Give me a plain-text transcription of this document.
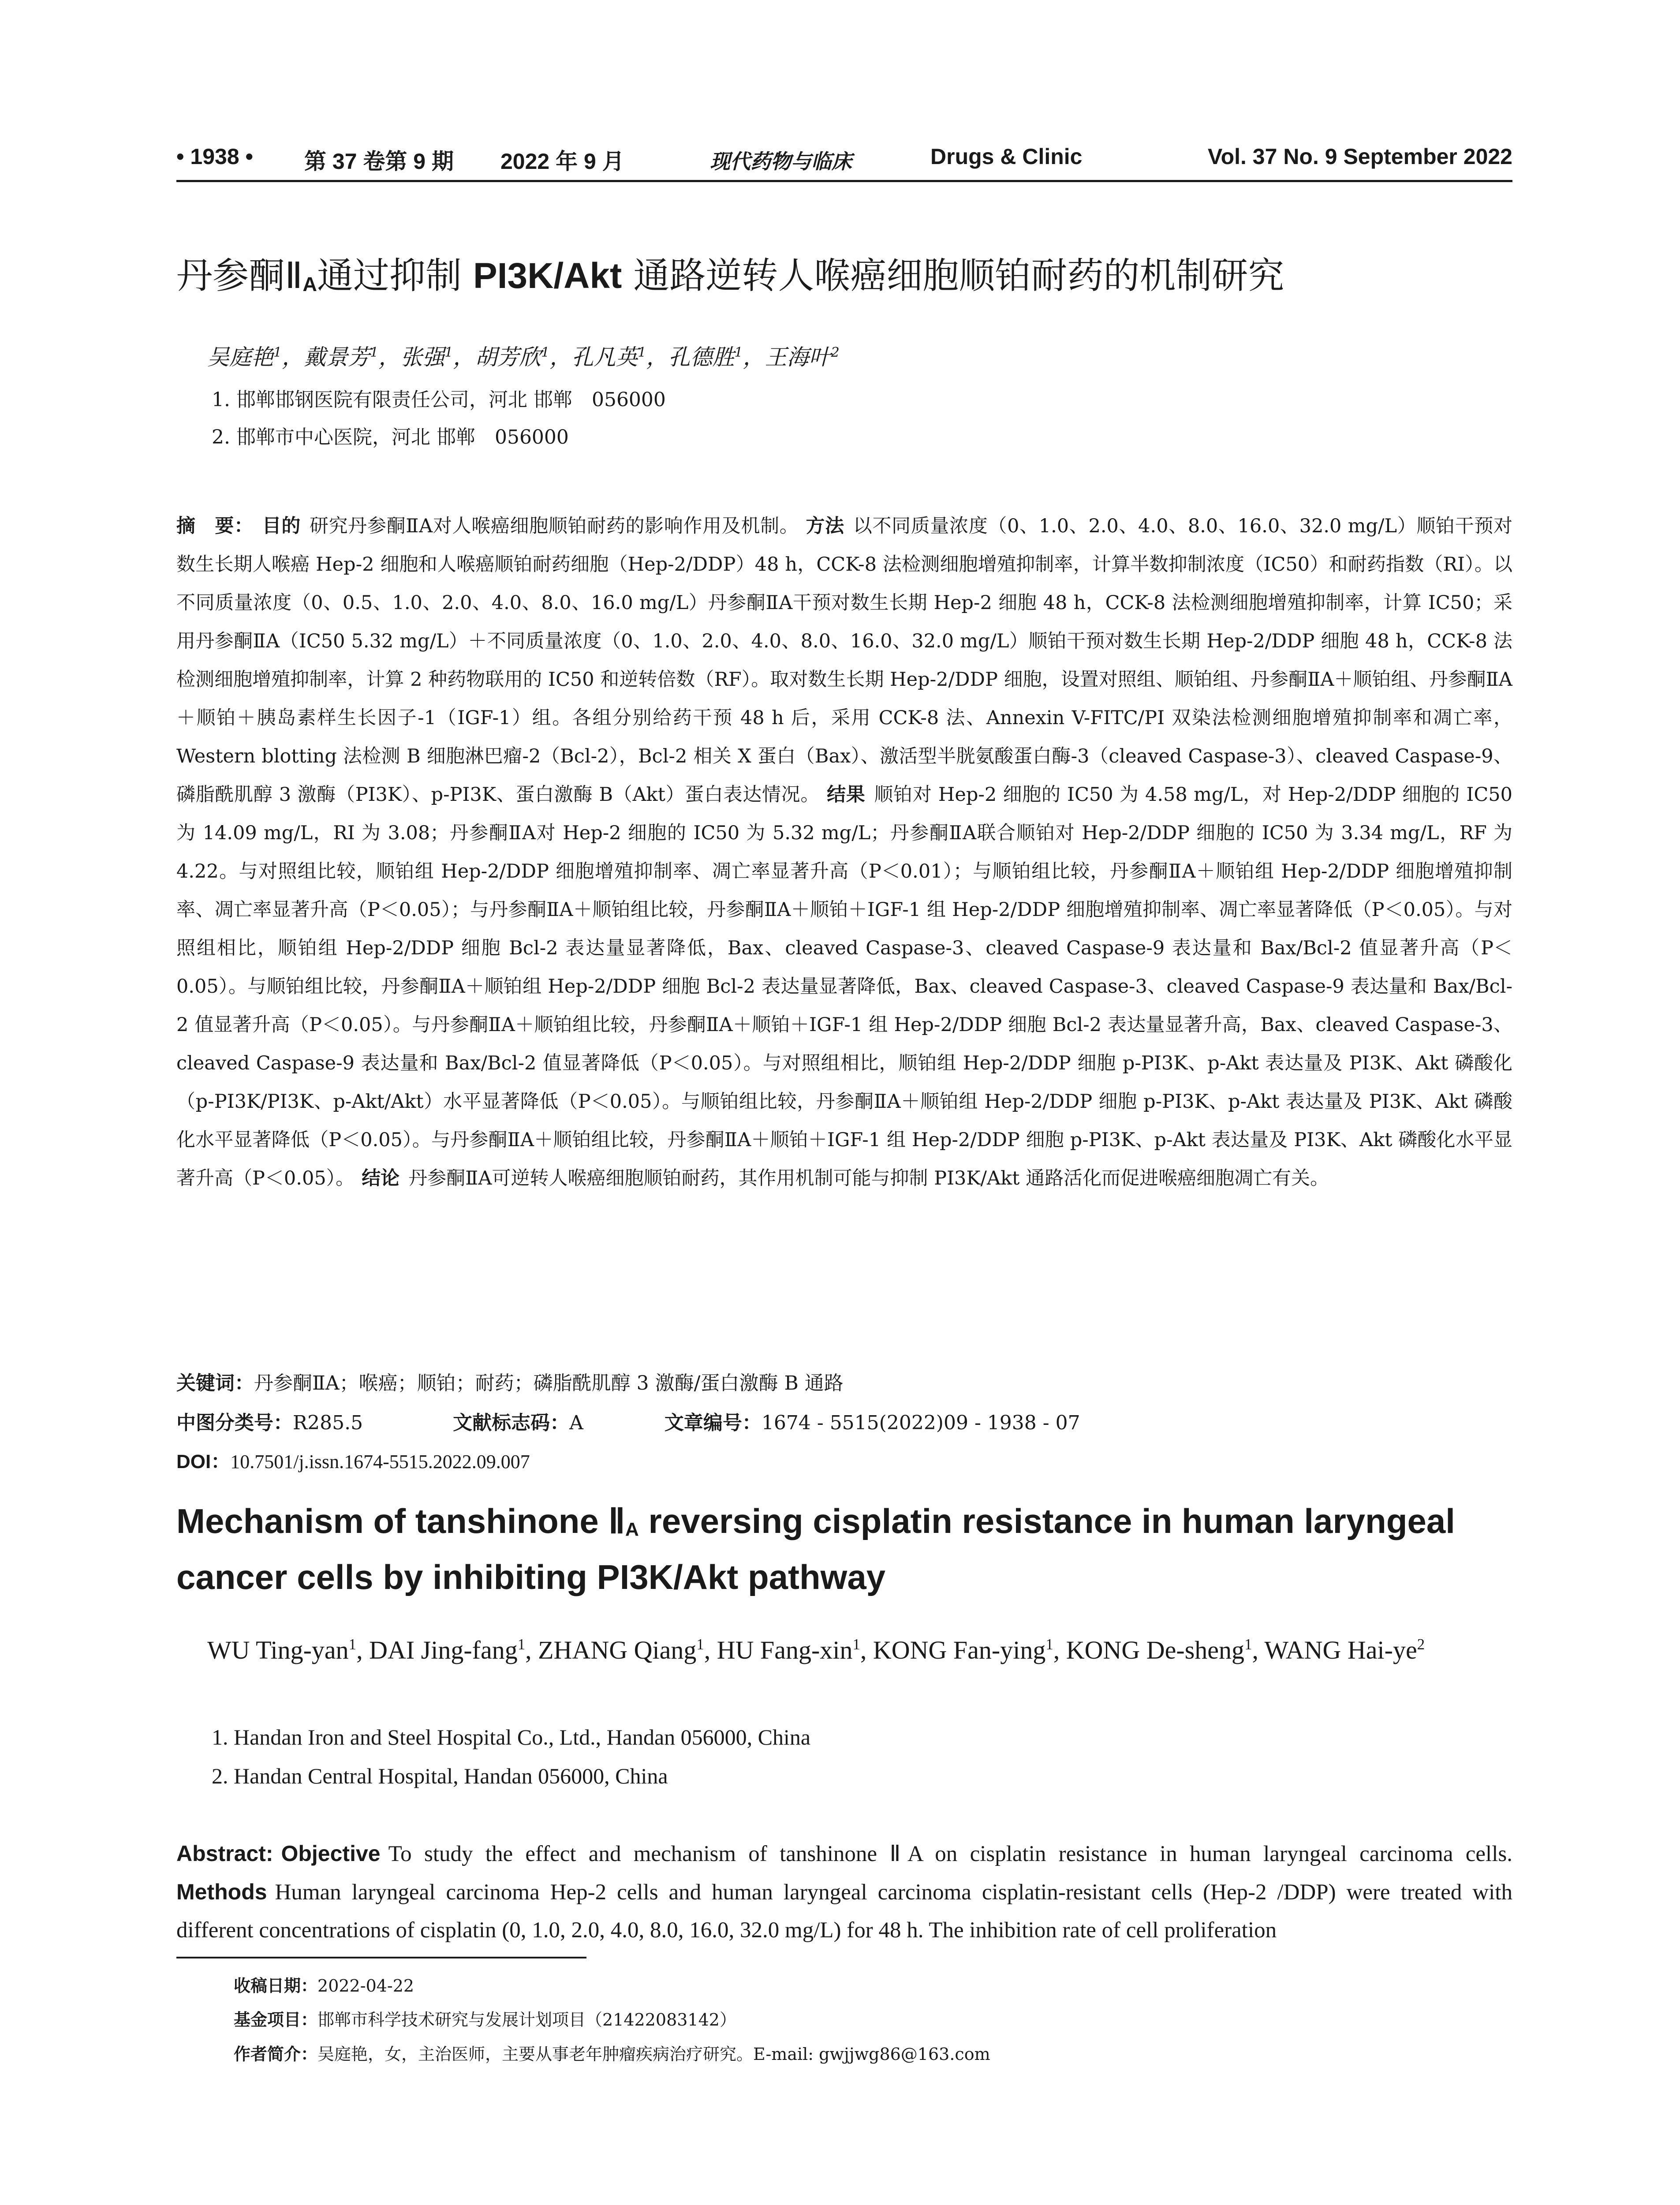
• 1938 • 第 37 卷第 9 期 2022 年 9 月	现代药物与临床	Drugs & Clinic	Vol. 37 No. 9 September 2022
丹参酮$Ⅱ_A$通过抑制 PI3K/Akt 通路逆转人喉癌细胞顺铂耐药的机制研究
吴庭艳$^1$，戴景芳$^1$，张强$^1$，胡芳欣$^1$，孔凡英$^1$，孔德胜$^1$，王海叶$^2$
1. 邯郸邯钢医院有限责任公司，河北 邯郸　056000
2. 邯郸市中心医院，河北 邯郸　056000
摘　要： 目的 研究丹参酮ⅡA对人喉癌细胞顺铂耐药的影响作用及机制。 方法 以不同质量浓度（0、1.0、2.0、4.0、8.0、16.0、32.0 mg/L）顺铂干预对数生长期人喉癌 Hep-2 细胞和人喉癌顺铂耐药细胞（Hep-2/DDP）48 h，CCK-8 法检测细胞增殖抑制率，计算半数抑制浓度（IC50）和耐药指数（RI）。以不同质量浓度（0、0.5、1.0、2.0、4.0、8.0、16.0 mg/L）丹参酮ⅡA干预对数生长期 Hep-2 细胞 48 h，CCK-8 法检测细胞增殖抑制率，计算 IC50；采用丹参酮ⅡA（IC50 5.32 mg/L）＋不同质量浓度（0、1.0、2.0、4.0、8.0、16.0、32.0 mg/L）顺铂干预对数生长期 Hep-2/DDP 细胞 48 h，CCK-8 法检测细胞增殖抑制率，计算 2 种药物联用的 IC50 和逆转倍数（RF）。取对数生长期 Hep-2/DDP 细胞，设置对照组、顺铂组、丹参酮ⅡA＋顺铂组、丹参酮ⅡA＋顺铂＋胰岛素样生长因子-1（IGF-1）组。各组分别给药干预 48 h 后，采用 CCK-8 法、Annexin V-FITC/PI 双染法检测细胞增殖抑制率和凋亡率，Western blotting 法检测 B 细胞淋巴瘤-2（Bcl-2），Bcl-2 相关 X 蛋白（Bax）、激活型半胱氨酸蛋白酶-3（cleaved Caspase-3）、cleaved Caspase-9、磷脂酰肌醇 3 激酶（PI3K）、p-PI3K、蛋白激酶 B（Akt）蛋白表达情况。 结果 顺铂对 Hep-2 细胞的 IC50 为 4.58 mg/L，对 Hep-2/DDP 细胞的 IC50 为 14.09 mg/L，RI 为 3.08；丹参酮ⅡA对 Hep-2 细胞的 IC50 为 5.32 mg/L；丹参酮ⅡA联合顺铂对 Hep-2/DDP 细胞的 IC50 为 3.34 mg/L，RF 为 4.22。与对照组比较，顺铂组 Hep-2/DDP 细胞增殖抑制率、凋亡率显著升高（P＜0.01）；与顺铂组比较，丹参酮ⅡA＋顺铂组 Hep-2/DDP 细胞增殖抑制率、凋亡率显著升高（P＜0.05）；与丹参酮ⅡA＋顺铂组比较，丹参酮ⅡA＋顺铂＋IGF-1 组 Hep-2/DDP 细胞增殖抑制率、凋亡率显著降低（P＜0.05）。与对照组相比，顺铂组 Hep-2/DDP 细胞 Bcl-2 表达量显著降低，Bax、cleaved Caspase-3、cleaved Caspase-9 表达量和 Bax/Bcl-2 值显著升高（P＜0.05）。与顺铂组比较，丹参酮ⅡA＋顺铂组 Hep-2/DDP 细胞 Bcl-2 表达量显著降低，Bax、cleaved Caspase-3、cleaved Caspase-9 表达量和 Bax/Bcl-2 值显著升高（P＜0.05）。与丹参酮ⅡA＋顺铂组比较，丹参酮ⅡA＋顺铂＋IGF-1 组 Hep-2/DDP 细胞 Bcl-2 表达量显著升高，Bax、cleaved Caspase-3、cleaved Caspase-9 表达量和 Bax/Bcl-2 值显著降低（P＜0.05）。与对照组相比，顺铂组 Hep-2/DDP 细胞 p-PI3K、p-Akt 表达量及 PI3K、Akt 磷酸化（p-PI3K/PI3K、p-Akt/Akt）水平显著降低（P＜0.05）。与顺铂组比较，丹参酮ⅡA＋顺铂组 Hep-2/DDP 细胞 p-PI3K、p-Akt 表达量及 PI3K、Akt 磷酸化水平显著降低（P＜0.05）。与丹参酮ⅡA＋顺铂组比较，丹参酮ⅡA＋顺铂＋IGF-1 组 Hep-2/DDP 细胞 p-PI3K、p-Akt 表达量及 PI3K、Akt 磷酸化水平显著升高（P＜0.05）。 结论 丹参酮ⅡA可逆转人喉癌细胞顺铂耐药，其作用机制可能与抑制 PI3K/Akt 通路活化而促进喉癌细胞凋亡有关。
关键词：丹参酮ⅡA；喉癌；顺铂；耐药；磷脂酰肌醇 3 激酶/蛋白激酶 B 通路
中图分类号：R285.5	文献标志码：A	文章编号：1674 - 5515(2022)09 - 1938 - 07
DOI：10.7501/j.issn.1674-5515.2022.09.007
Mechanism of tanshinone $Ⅱ_A$ reversing cisplatin resistance in human laryngeal cancer cells by inhibiting PI3K/Akt pathway
WU Ting-yan$^1$, DAI Jing-fang$^1$, ZHANG Qiang$^1$, HU Fang-xin$^1$, KONG Fan-ying$^1$, KONG De-sheng$^1$, WANG Hai-$ye^2$
1. Handan Iron and Steel Hospital Co., Ltd., Handan 056000, China
2. Handan Central Hospital, Handan 056000, China
Abstract: Objective To study the effect and mechanism of tanshinone ⅡA on cisplatin resistance in human laryngeal carcinoma cells. Methods Human laryngeal carcinoma Hep-2 cells and human laryngeal carcinoma cisplatin-resistant cells (Hep-2 /DDP) were treated with different concentrations of cisplatin (0, 1.0, 2.0, 4.0, 8.0, 16.0, 32.0 mg/L) for 48 h. The inhibition rate of cell proliferation
收稿日期：2022-04-22
基金项目：邯郸市科学技术研究与发展计划项目（21422083142）
作者简介：吴庭艳，女，主治医师，主要从事老年肿瘤疾病治疗研究。E-mail: gwjjwg86@163.com
